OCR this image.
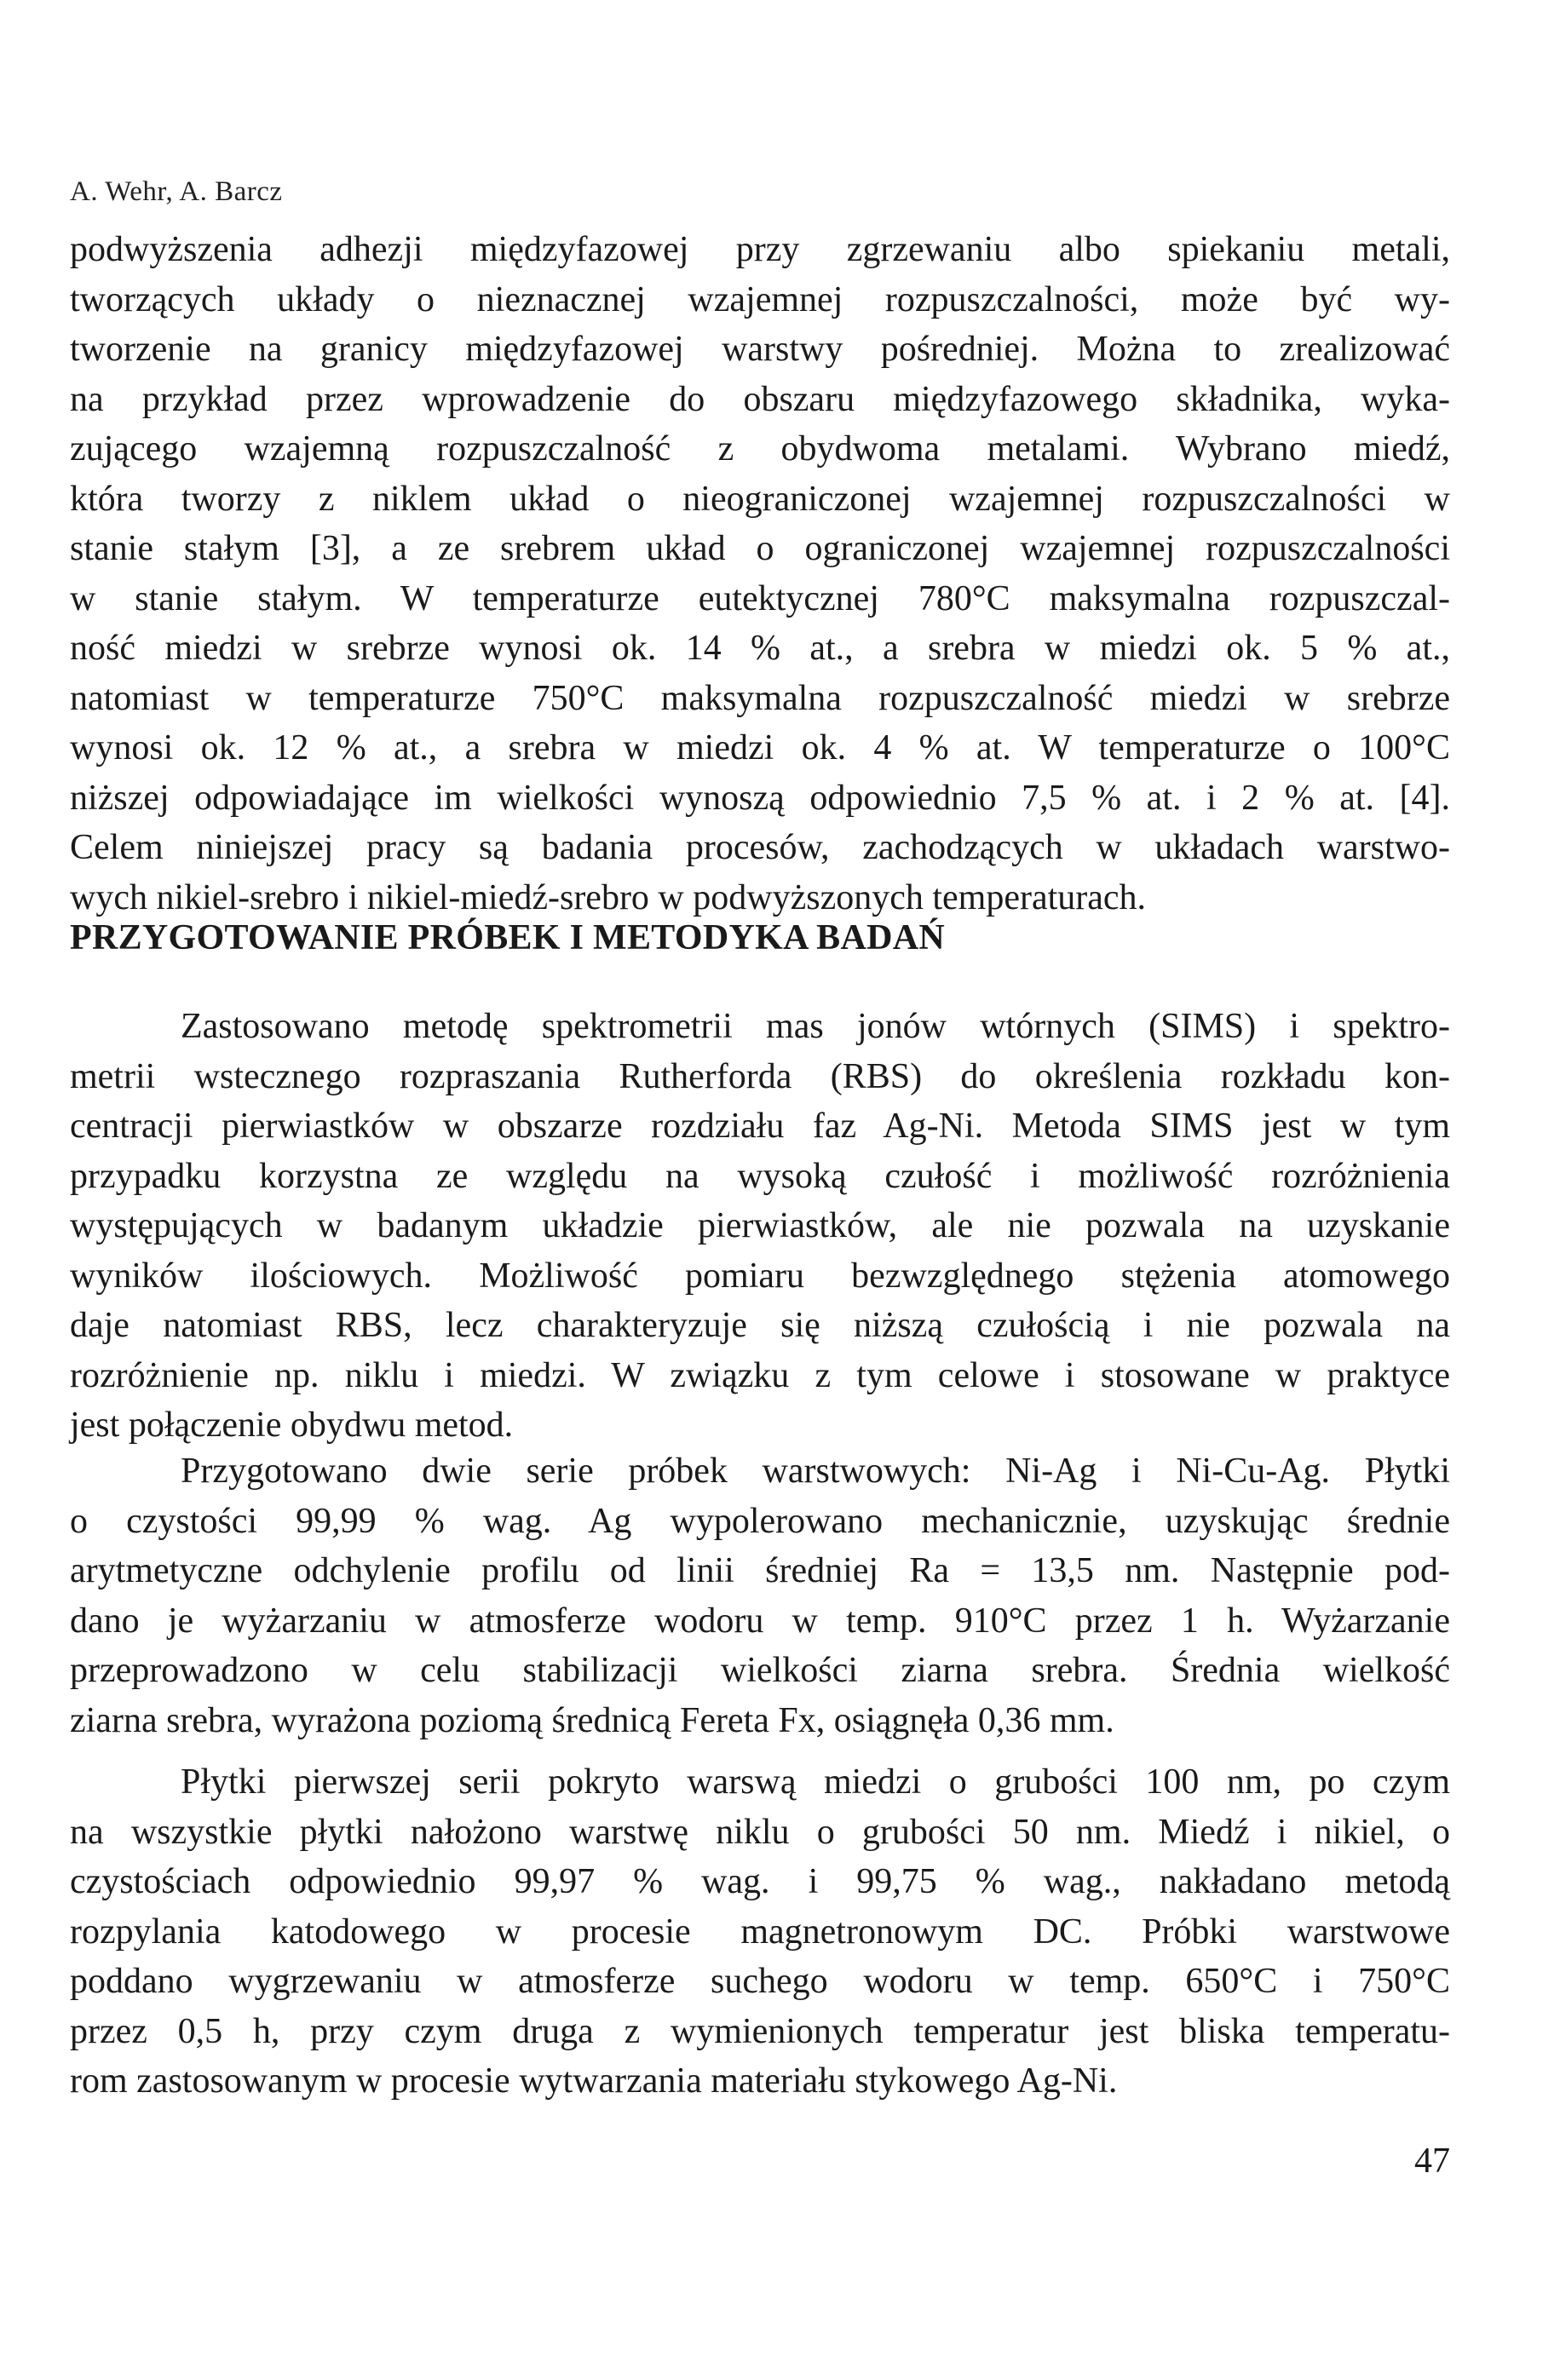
A. Wehr, A. Barcz
podwyższenia adhezji międzyfazowej przy zgrzewaniu albo spiekaniu metali,
tworzących układy o nieznacznej wzajemnej rozpuszczalności, może być wy-
tworzenie na granicy międzyfazowej warstwy pośredniej. Można to zrealizować
na przykład przez wprowadzenie do obszaru międzyfazowego składnika, wyka-
zującego wzajemną rozpuszczalność z obydwoma metalami. Wybrano miedź,
która tworzy z niklem układ o nieograniczonej wzajemnej rozpuszczalności w
stanie stałym [3], a ze srebrem układ o ograniczonej wzajemnej rozpuszczalności
w stanie stałym. W temperaturze eutektycznej 780°C maksymalna rozpuszczal-
ność miedzi w srebrze wynosi ok. 14 % at., a srebra w miedzi ok. 5 % at.,
natomiast w temperaturze 750°C maksymalna rozpuszczalność miedzi w srebrze
wynosi ok. 12 % at., a srebra w miedzi ok. 4 % at. W temperaturze o 100°C
niższej odpowiadające im wielkości wynoszą odpowiednio 7,5 % at. i 2 % at. [4].
Celem niniejszej pracy są badania procesów, zachodzących w układach warstwo-
wych nikiel-srebro i nikiel-miedź-srebro w podwyższonych temperaturach.
PRZYGOTOWANIE PRÓBEK I METODYKA BADAŃ
Zastosowano metodę spektrometrii mas jonów wtórnych (SIMS) i spektro-
metrii wstecznego rozpraszania Rutherforda (RBS) do określenia rozkładu kon-
centracji pierwiastków w obszarze rozdziału faz Ag-Ni. Metoda SIMS jest w tym
przypadku korzystna ze względu na wysoką czułość i możliwość rozróżnienia
występujących w badanym układzie pierwiastków, ale nie pozwala na uzyskanie
wyników ilościowych. Możliwość pomiaru bezwzględnego stężenia atomowego
daje natomiast RBS, lecz charakteryzuje się niższą czułością i nie pozwala na
rozróżnienie np. niklu i miedzi. W związku z tym celowe i stosowane w praktyce
jest połączenie obydwu metod.
Przygotowano dwie serie próbek warstwowych: Ni-Ag i Ni-Cu-Ag. Płytki
o czystości 99,99 % wag. Ag wypolerowano mechanicznie, uzyskując średnie
arytmetyczne odchylenie profilu od linii średniej Ra = 13,5 nm. Następnie pod-
dano je wyżarzaniu w atmosferze wodoru w temp. 910°C przez 1 h. Wyżarzanie
przeprowadzono w celu stabilizacji wielkości ziarna srebra. Średnia wielkość
ziarna srebra, wyrażona poziomą średnicą Fereta Fx, osiągnęła 0,36 mm.
Płytki pierwszej serii pokryto warswą miedzi o grubości 100 nm, po czym
na wszystkie płytki nałożono warstwę niklu o grubości 50 nm. Miedź i nikiel, o
czystościach odpowiednio 99,97 % wag. i 99,75 % wag., nakładano metodą
rozpylania katodowego w procesie magnetronowym DC. Próbki warstwowe
poddano wygrzewaniu w atmosferze suchego wodoru w temp. 650°C i 750°C
przez 0,5 h, przy czym druga z wymienionych temperatur jest bliska temperatu-
rom zastosowanym w procesie wytwarzania materiału stykowego Ag-Ni.
47
